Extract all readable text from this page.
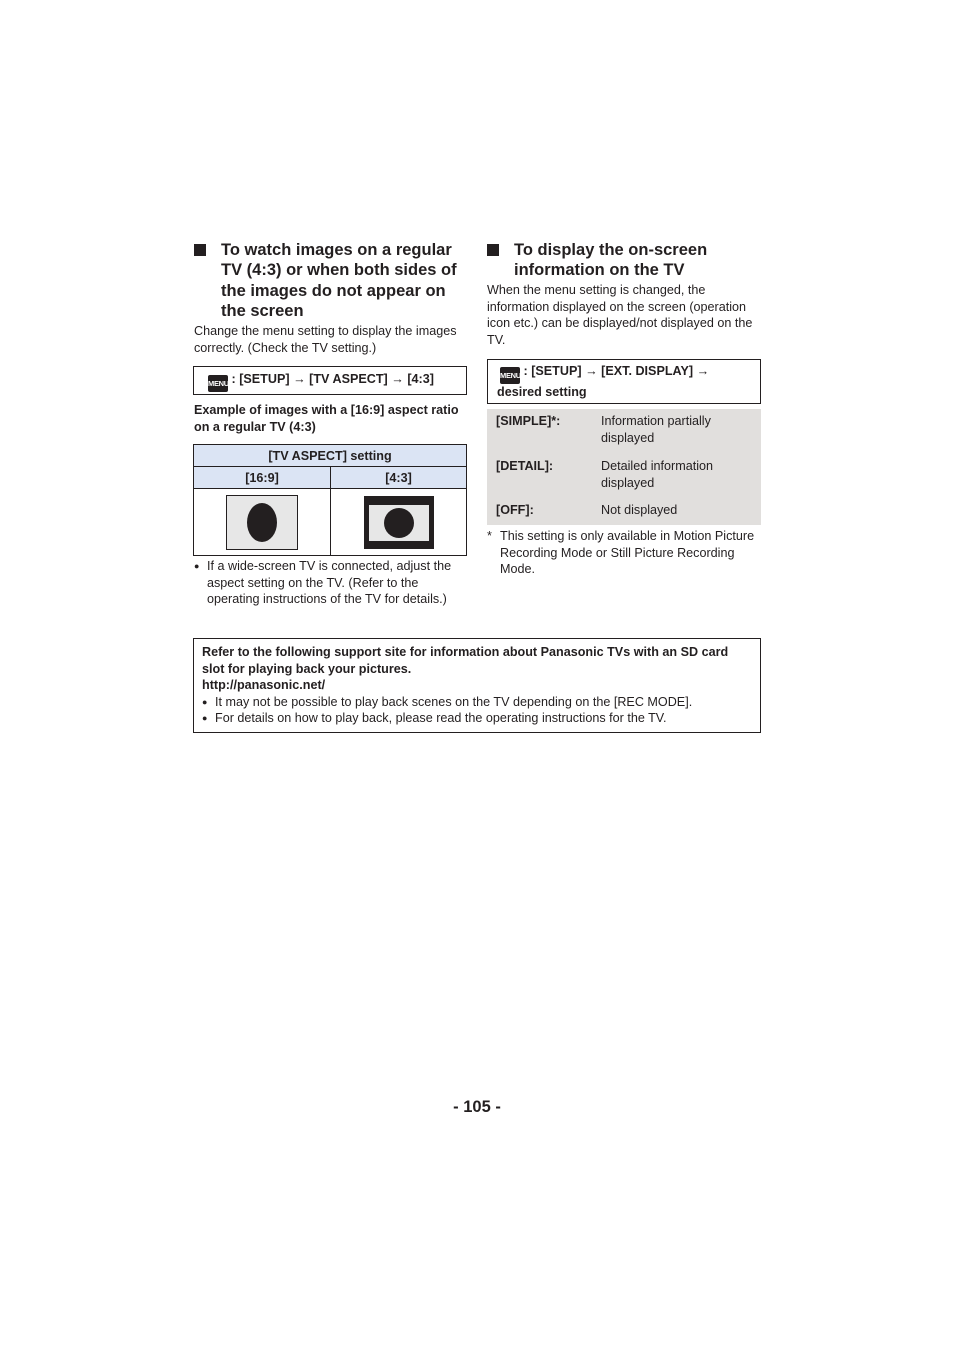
To watch images on a regular
TV (4:3) or when both sides of
the images do not appear on
the screen
Change the menu setting to display the images
correctly. (Check the TV setting.)
MENU : [SETUP] → [TV ASPECT] → [4:3]
Example of images with a [16:9] aspect ratio
on a regular TV (4:3)
[TV ASPECT] setting	
[16:9]	[4:3]

● If a wide-screen TV is connected, adjust the
aspect setting on the TV. (Refer to the
operating instructions of the TV for details.)
To display the on-screen
information on the TV
When the menu setting is changed, the
information displayed on the screen (operation
icon etc.) can be displayed/not displayed on the
TV.
MENU : [SETUP] → [EXT. DISPLAY] →
desired setting
[SIMPLE]*:	Information partially
displayed
[DETAIL]:	Detailed information
displayed
[OFF]:	Not displayed
* This setting is only available in Motion Picture
Recording Mode or Still Picture Recording
Mode.
Refer to the following support site for information about Panasonic TVs with an SD card
slot for playing back your pictures.
http://panasonic.net/
● It may not be possible to play back scenes on the TV depending on the [REC MODE].
● For details on how to play back, please read the operating instructions for the TV.
- 105 -
